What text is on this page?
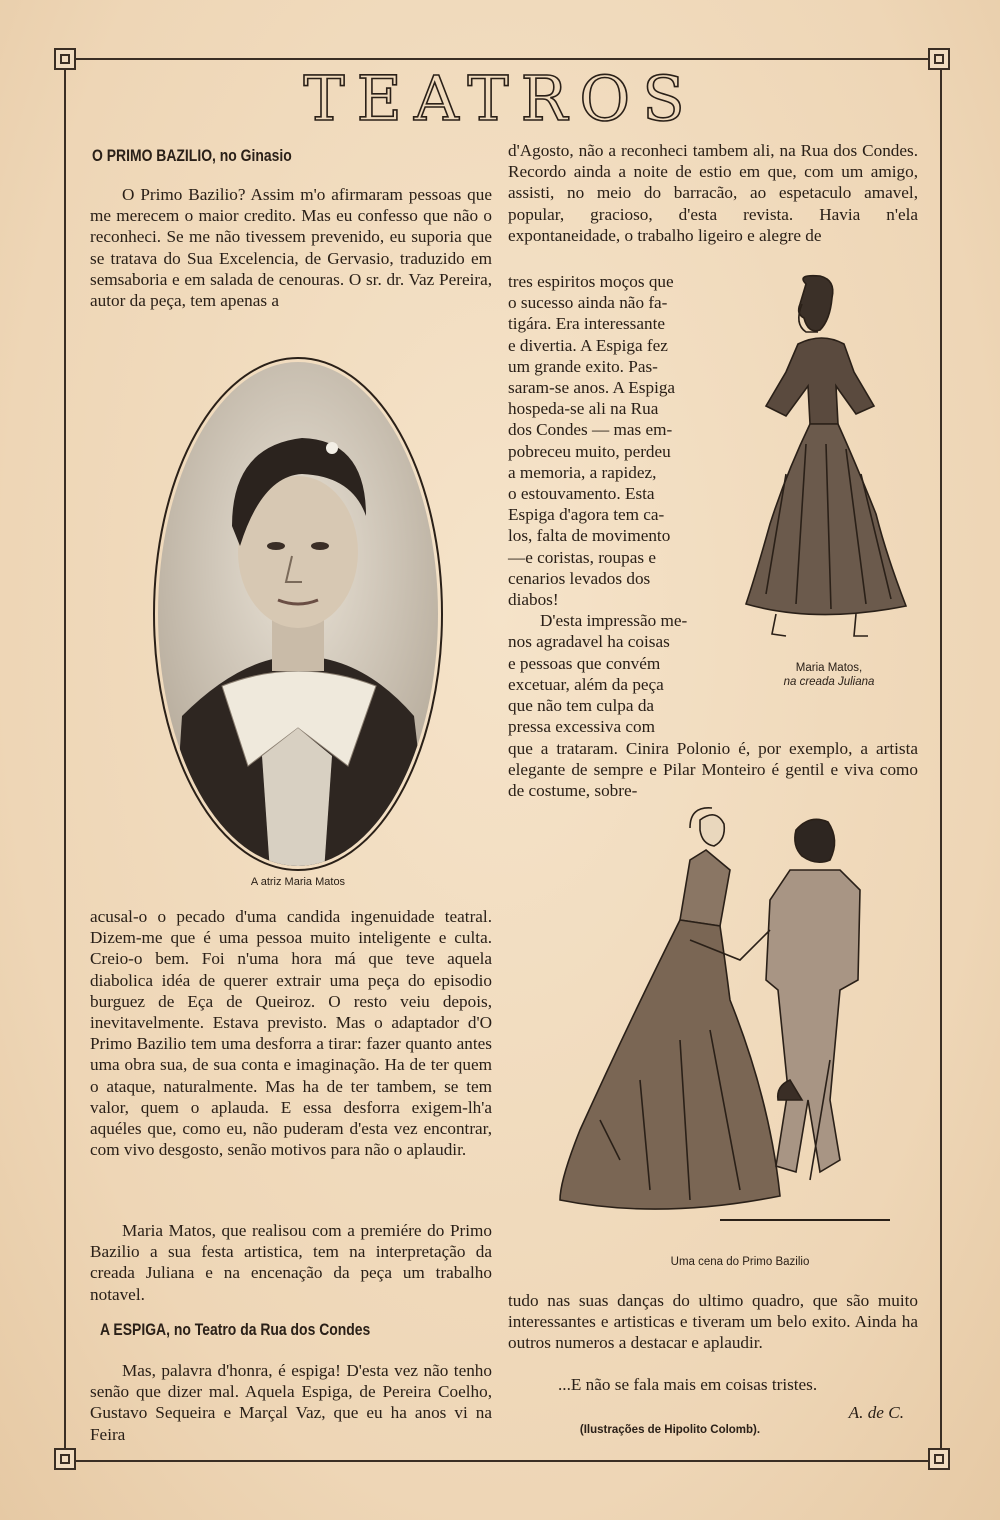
TEATROS
O PRIMO BAZILIO, no Ginasio

O Primo Bazilio? Assim m'o afirmaram pessoas que me merecem o maior credito. Mas eu confesso que não o reconheci. Se me não tivessem prevenido, eu suporia que se tratava do Sua Excelencia, de Gervasio, traduzido em semsaboria e em salada de cenouras. O sr. dr. Vaz Pereira, autor da peça, tem apenas a

A atriz Maria Matos

acusal-o o pecado d'uma candida ingenuidade teatral. Dizem-me que é uma pessoa muito inteligente e culta. Creio-o bem. Foi n'uma hora má que teve aquela diabolica idéa de querer extrair uma peça do episodio burguez de Eça de Queiroz. O resto veiu depois, inevitavelmente. Estava previsto. Mas o adaptador d'O Primo Bazilio tem uma desforra a tirar: fazer quanto antes uma obra sua, de sua conta e imaginação. Ha de ter quem o ataque, naturalmente. Mas ha de ter tambem, se tem valor, quem o aplauda. E essa desforra exigem-lh'a aquéles que, como eu, não puderam d'esta vez encontrar, com vivo desgosto, senão motivos para não o aplaudir.

Maria Matos, que realisou com a premiére do Primo Bazilio a sua festa artistica, tem na interpretação da creada Juliana e na encenação da peça um trabalho notavel.

A ESPIGA, no Teatro da Rua dos Condes

Mas, palavra d'honra, é espiga! D'esta vez não tenho senão que dizer mal. Aquela Espiga, de Pereira Coelho, Gustavo Sequeira e Marçal Vaz, que eu ha anos vi na Feira

d'Agosto, não a reconheci tambem ali, na Rua dos Condes. Recordo ainda a noite de estio em que, com um amigo, assisti, no meio do barracão, ao espetaculo amavel, popular, gracioso, d'esta revista. Havia n'ela expontaneidade, o trabalho ligeiro e alegre de

tres espiritos moços que
o sucesso ainda não fa-
tigára. Era interessante
e divertia. A Espiga fez
um grande exito. Pas-
saram-se anos. A Espiga
hospeda-se ali na Rua
dos Condes — mas em-
pobreceu muito, perdeu
a memoria, a rapidez,
o estouvamento. Esta
Espiga d'agora tem ca-
los, falta de movimento
—e coristas, roupas e
cenarios levados dos
diabos!
D'esta impressão me-
nos agradavel ha coisas
e pessoas que convém
excetuar, além da peça
que não tem culpa da
pressa excessiva com
Maria Matos,
na creada Juliana

que a trataram. Cinira Polonio é, por exemplo, a artista elegante de sempre e Pilar Monteiro é gentil e viva como de costume, sobre-

Uma cena do Primo Bazilio

tudo nas suas danças do ultimo quadro, que são muito interessantes e artisticas e tiveram um belo exito. Ainda ha outros numeros a destacar e aplaudir.

...E não se fala mais em coisas tristes.
A. de C.
(Ilustrações de Hipolito Colomb).
